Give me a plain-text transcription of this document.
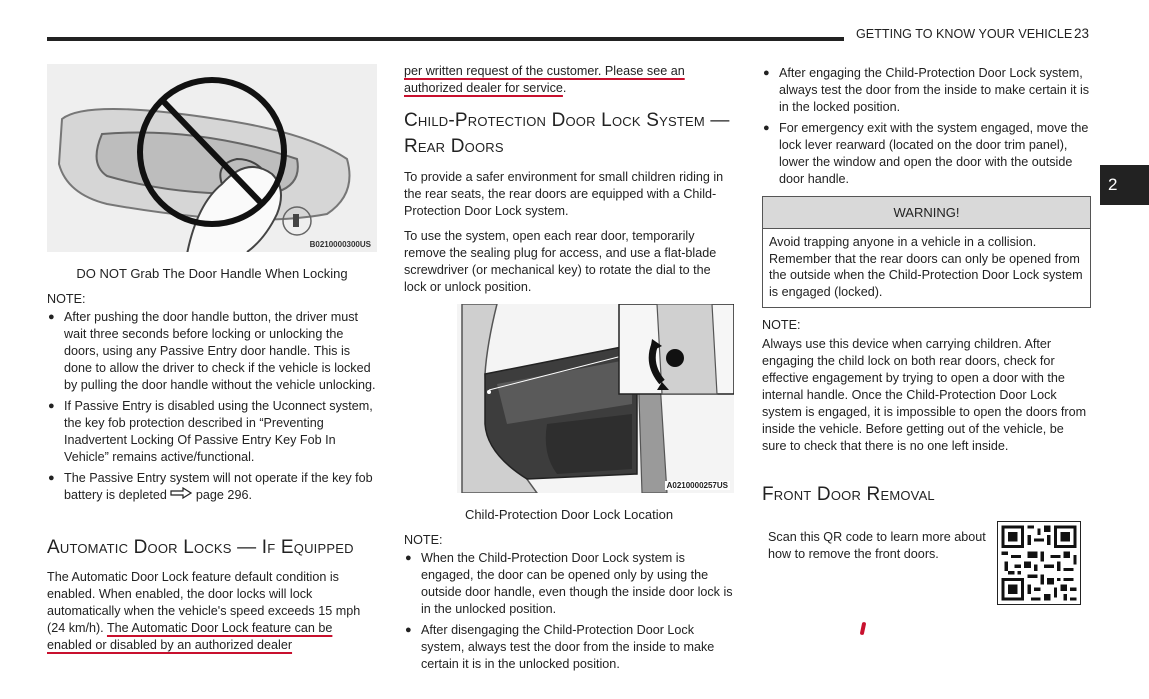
GETTING TO KNOW YOUR VEHICLE 23
2
B0210000300US
DO NOT Grab The Door Handle When Locking
NOTE:
● After pushing the door handle button, the driver must wait three seconds before locking or unlocking the doors, using any Passive Entry door handle. This is done to allow the driver to check if the vehicle is locked by pulling the door handle without the vehicle unlocking.
● If Passive Entry is disabled using the Uconnect system, the key fob protection described in “Preventing Inadvertent Locking Of Passive Entry Key Fob In Vehicle” remains active/functional.
● The Passive Entry system will not operate if the key fob battery is depleted page 296.
Automatic Door Locks — If Equipped
The Automatic Door Lock feature default condition is enabled. When enabled, the door locks will lock automatically when the vehicle's speed exceeds 15 mph (24 km/h). The Automatic Door Lock feature can be enabled or disabled by an authorized dealer
per written request of the customer. Please see an authorized dealer for service.
Child-Protection Door Lock System — Rear Doors
To provide a safer environment for small children riding in the rear seats, the rear doors are equipped with a Child-Protection Door Lock system.
To use the system, open each rear door, temporarily remove the sealing plug for access, and use a flat-blade screwdriver (or mechanical key) to rotate the dial to the lock or unlock position.
A0210000257US
Child-Protection Door Lock Location
NOTE:
● When the Child-Protection Door Lock system is engaged, the door can be opened only by using the outside door handle, even though the inside door lock is in the unlocked position.
● After disengaging the Child-Protection Door Lock system, always test the door from the inside to make certain it is in the unlocked position.
● After engaging the Child-Protection Door Lock system, always test the door from the inside to make certain it is in the locked position.
● For emergency exit with the system engaged, move the lock lever rearward (located on the door trim panel), lower the window and open the door with the outside door handle.
WARNING!
Avoid trapping anyone in a vehicle in a collision. Remember that the rear doors can only be opened from the outside when the Child-Protection Door Lock system is engaged (locked).
NOTE:
Always use this device when carrying children. After engaging the child lock on both rear doors, check for effective engagement by trying to open a door with the internal handle. Once the Child-Protection Door Lock system is engaged, it is impossible to open the doors from inside the vehicle. Before getting out of the vehicle, be sure to check that there is no one left inside.
Front Door Removal
Scan this QR code to learn more about how to remove the front doors.
